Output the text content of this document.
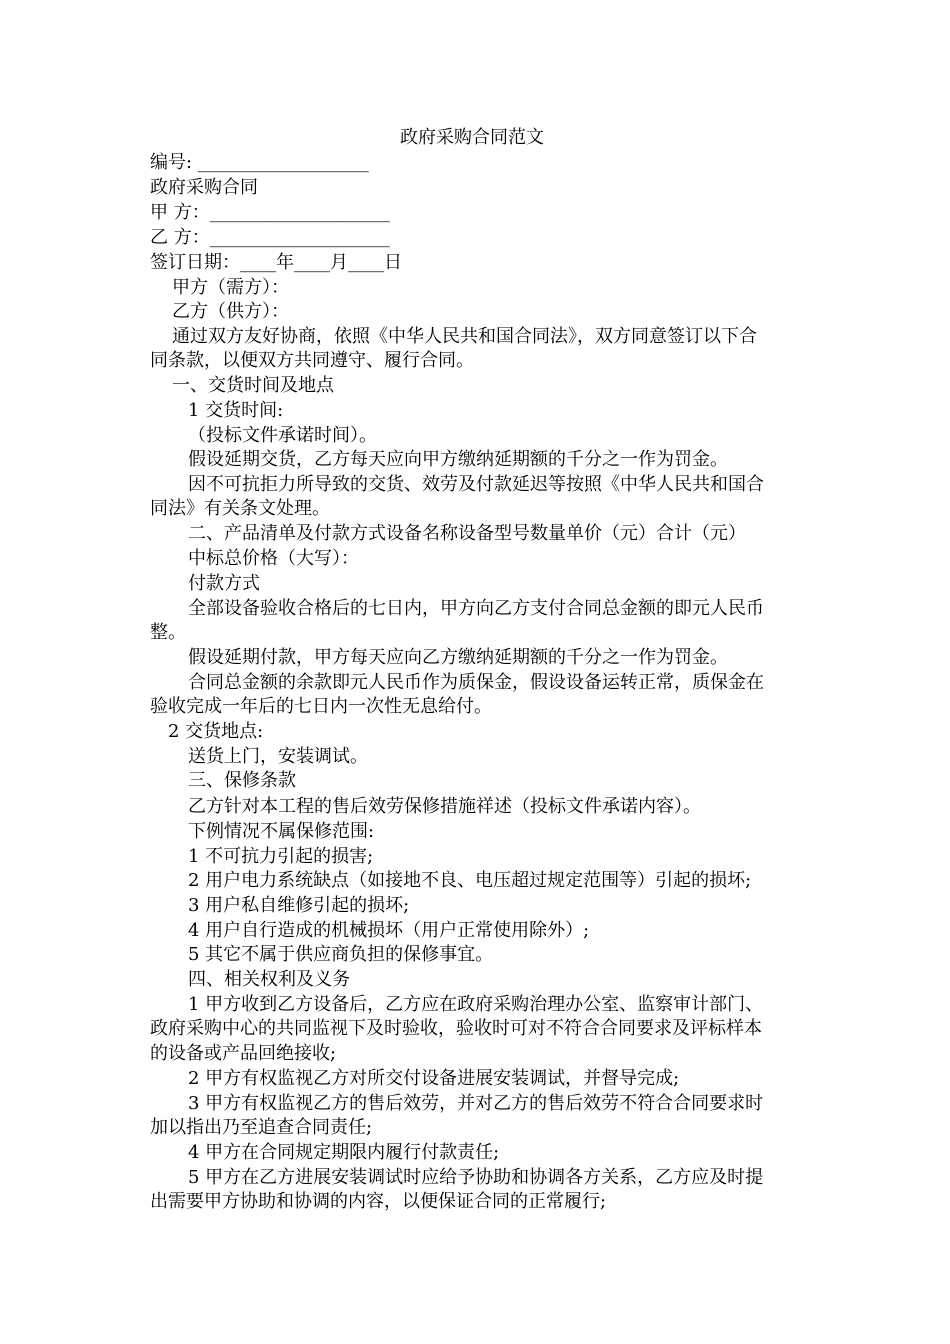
政府采购合同范文
编号: ___________________
政府采购合同
甲 方：____________________
乙 方：____________________
签订日期：____年____月____日
甲方（需方）：
乙方（供方）：
通过双方友好协商，依照《中华人民共和国合同法》，双方同意签订以下合
同条款，以便双方共同遵守、履行合同。
一、交货时间及地点
1 交货时间:
（投标文件承诺时间）。
假设延期交货，乙方每天应向甲方缴纳延期额的千分之一作为罚金。
因不可抗拒力所导致的交货、效劳及付款延迟等按照《中华人民共和国合
同法》有关条文处理。
二、产品清单及付款方式设备名称设备型号数量单价（元）合计（元）
中标总价格（大写）：
付款方式
全部设备验收合格后的七日内，甲方向乙方支付合同总金额的即元人民币
整。
假设延期付款，甲方每天应向乙方缴纳延期额的千分之一作为罚金。
合同总金额的余款即元人民币作为质保金，假设设备运转正常，质保金在
验收完成一年后的七日内一次性无息给付。
2 交货地点:
送货上门，安装调试。
三、保修条款
乙方针对本工程的售后效劳保修措施祥述（投标文件承诺内容）。
下例情况不属保修范围:
1 不可抗力引起的损害;
2 用户电力系统缺点（如接地不良、电压超过规定范围等）引起的损坏;
3 用户私自维修引起的损坏;
4 用户自行造成的机械损坏（用户正常使用除外）;
5 其它不属于供应商负担的保修事宜。
四、相关权利及义务
1 甲方收到乙方设备后，乙方应在政府采购治理办公室、监察审计部门、
政府采购中心的共同监视下及时验收，验收时可对不符合合同要求及评标样本
的设备或产品回绝接收;
2 甲方有权监视乙方对所交付设备进展安装调试，并督导完成;
3 甲方有权监视乙方的售后效劳，并对乙方的售后效劳不符合合同要求时
加以指出乃至追查合同责任;
4 甲方在合同规定期限内履行付款责任;
5 甲方在乙方进展安装调试时应给予协助和协调各方关系，乙方应及时提
出需要甲方协助和协调的内容，以便保证合同的正常履行;
